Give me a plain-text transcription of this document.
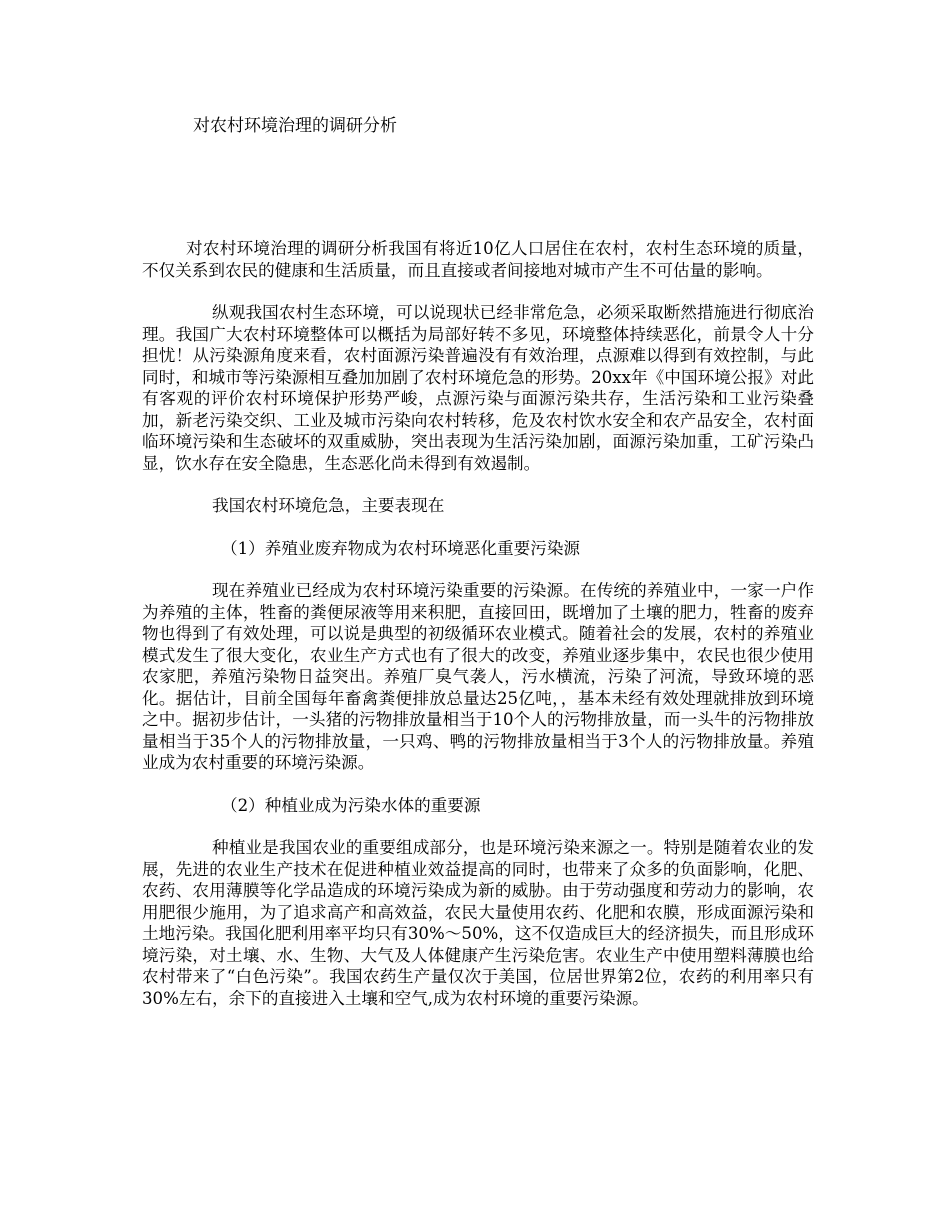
对农村环境治理的调研分析

对农村环境治理的调研分析我国有将近10亿人口居住在农村，农村生态环境的质量，不仅关系到农民的健康和生活质量，而且直接或者间接地对城市产生不可估量的影响。

纵观我国农村生态环境，可以说现状已经非常危急，必须采取断然措施进行彻底治理。我国广大农村环境整体可以概括为局部好转不多见，环境整体持续恶化，前景令人十分担忧！从污染源角度来看，农村面源污染普遍没有有效治理，点源难以得到有效控制，与此同时，和城市等污染源相互叠加加剧了农村环境危急的形势。20xx年《中国环境公报》对此有客观的评价农村环境保护形势严峻，点源污染与面源污染共存，生活污染和工业污染叠加，新老污染交织、工业及城市污染向农村转移，危及农村饮水安全和农产品安全，农村面临环境污染和生态破坏的双重威胁，突出表现为生活污染加剧，面源污染加重，工矿污染凸显，饮水存在安全隐患，生态恶化尚未得到有效遏制。

我国农村环境危急，主要表现在

（1）养殖业废弃物成为农村环境恶化重要污染源

现在养殖业已经成为农村环境污染重要的污染源。在传统的养殖业中，一家一户作为养殖的主体，牲畜的粪便尿液等用来积肥，直接回田，既增加了土壤的肥力，牲畜的废弃物也得到了有效处理，可以说是典型的初级循环农业模式。随着社会的发展，农村的养殖业模式发生了很大变化，农业生产方式也有了很大的改变，养殖业逐步集中，农民也很少使用农家肥，养殖污染物日益突出。养殖厂臭气袭人，污水横流，污染了河流，导致环境的恶化。据估计，目前全国每年畜禽粪便排放总量达25亿吨，，基本未经有效处理就排放到环境之中。据初步估计，一头猪的污物排放量相当于10个人的污物排放量，而一头牛的污物排放量相当于35个人的污物排放量，一只鸡、鸭的污物排放量相当于3个人的污物排放量。养殖业成为农村重要的环境污染源。

（2）种植业成为污染水体的重要源

种植业是我国农业的重要组成部分，也是环境污染来源之一。特别是随着农业的发展，先进的农业生产技术在促进种植业效益提高的同时，也带来了众多的负面影响，化肥、农药、农用薄膜等化学品造成的环境污染成为新的威胁。由于劳动强度和劳动力的影响，农用肥很少施用，为了追求高产和高效益，农民大量使用农药、化肥和农膜，形成面源污染和土地污染。我国化肥利用率平均只有30%～50%，这不仅造成巨大的经济损失，而且形成环境污染，对土壤、水、生物、大气及人体健康产生污染危害。农业生产中使用塑料薄膜也给农村带来了“白色污染”。我国农药生产量仅次于美国，位居世界第2位，农药的利用率只有30%左右，余下的直接进入土壤和空气,成为农村环境的重要污染源。
